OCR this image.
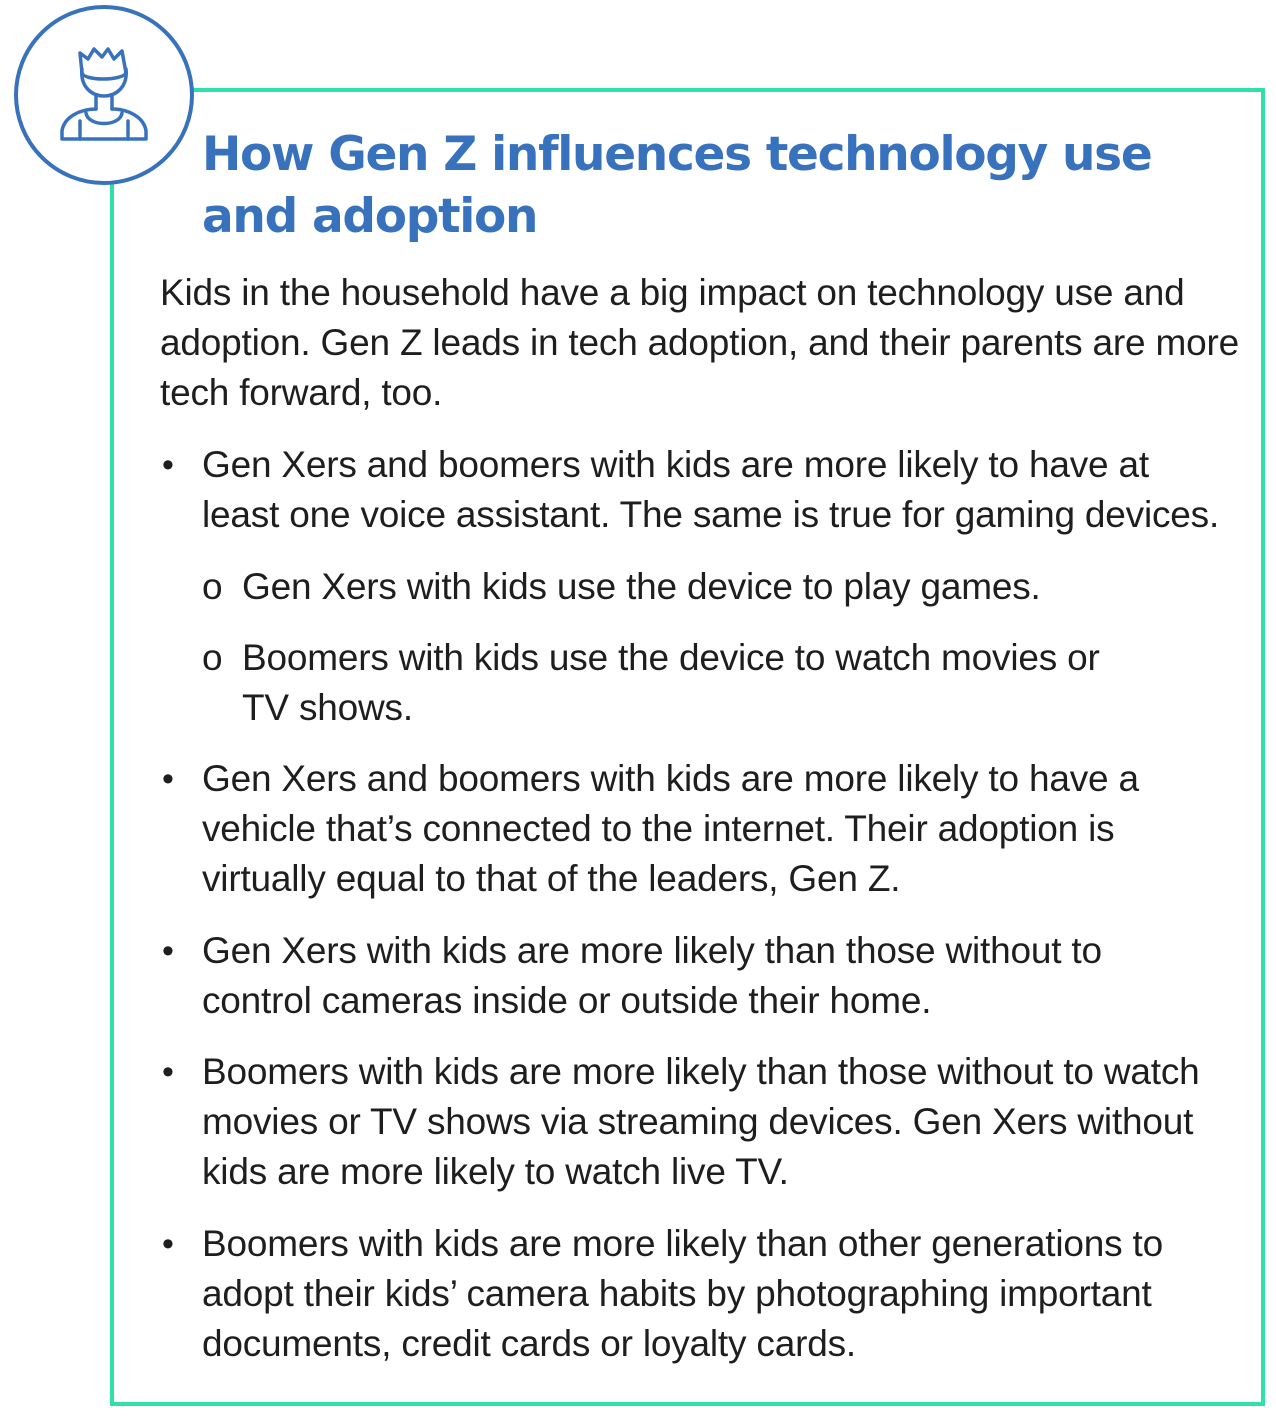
How Gen Z influences technology use and adoption

Kids in the household have a big impact on technology use and adoption. Gen Z leads in tech adoption, and their parents are more tech forward, too.

• Gen Xers and boomers with kids are more likely to have at least one voice assistant. The same is true for gaming devices.

o Gen Xers with kids use the device to play games.

o Boomers with kids use the device to watch movies or TV shows.

• Gen Xers and boomers with kids are more likely to have a vehicle that’s connected to the internet. Their adoption is virtually equal to that of the leaders, Gen Z.

• Gen Xers with kids are more likely than those without to control cameras inside or outside their home.

• Boomers with kids are more likely than those without to watch movies or TV shows via streaming devices. Gen Xers without kids are more likely to watch live TV.

• Boomers with kids are more likely than other generations to adopt their kids’ camera habits by photographing important documents, credit cards or loyalty cards.
